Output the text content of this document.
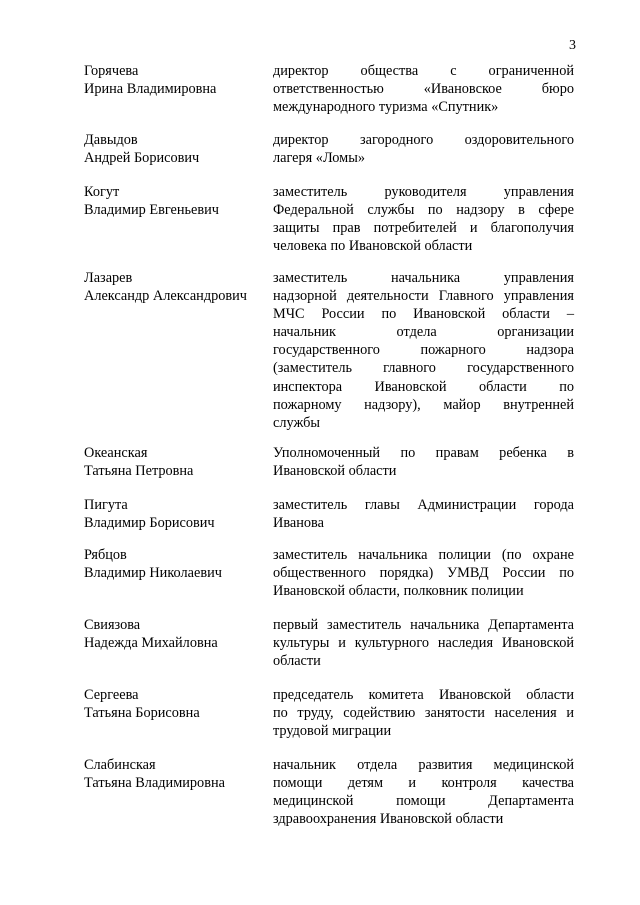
3
Горячева
Ирина Владимировна
директор общества с ограниченной
ответственностью «Ивановское бюро
международного туризма «Спутник»
Давыдов
Андрей Борисович
директор загородного оздоровительного
лагеря «Ломы»
Когут
Владимир Евгеньевич
заместитель руководителя управления
Федеральной службы по надзору в сфере
защиты прав потребителей и благополучия
человека по Ивановской области
Лазарев
Александр Александрович
заместитель начальника управления
надзорной деятельности Главного управления
МЧС России по Ивановской области –
начальник отдела организации
государственного пожарного надзора
(заместитель главного государственного
инспектора Ивановской области по
пожарному надзору), майор внутренней
службы
Океанская
Татьяна Петровна
Уполномоченный по правам ребенка в
Ивановской области
Пигута
Владимир Борисович
заместитель главы Администрации города
Иванова
Рябцов
Владимир Николаевич
заместитель начальника полиции (по охране
общественного порядка) УМВД России по
Ивановской области, полковник полиции
Свиязова
Надежда Михайловна
первый заместитель начальника Департамента
культуры и культурного наследия Ивановской
области
Сергеева
Татьяна Борисовна
председатель комитета Ивановской области
по труду, содействию занятости населения и
трудовой миграции
Слабинская
Татьяна Владимировна
начальник отдела развития медицинской
помощи детям и контроля качества
медицинской помощи Департамента
здравоохранения Ивановской области
